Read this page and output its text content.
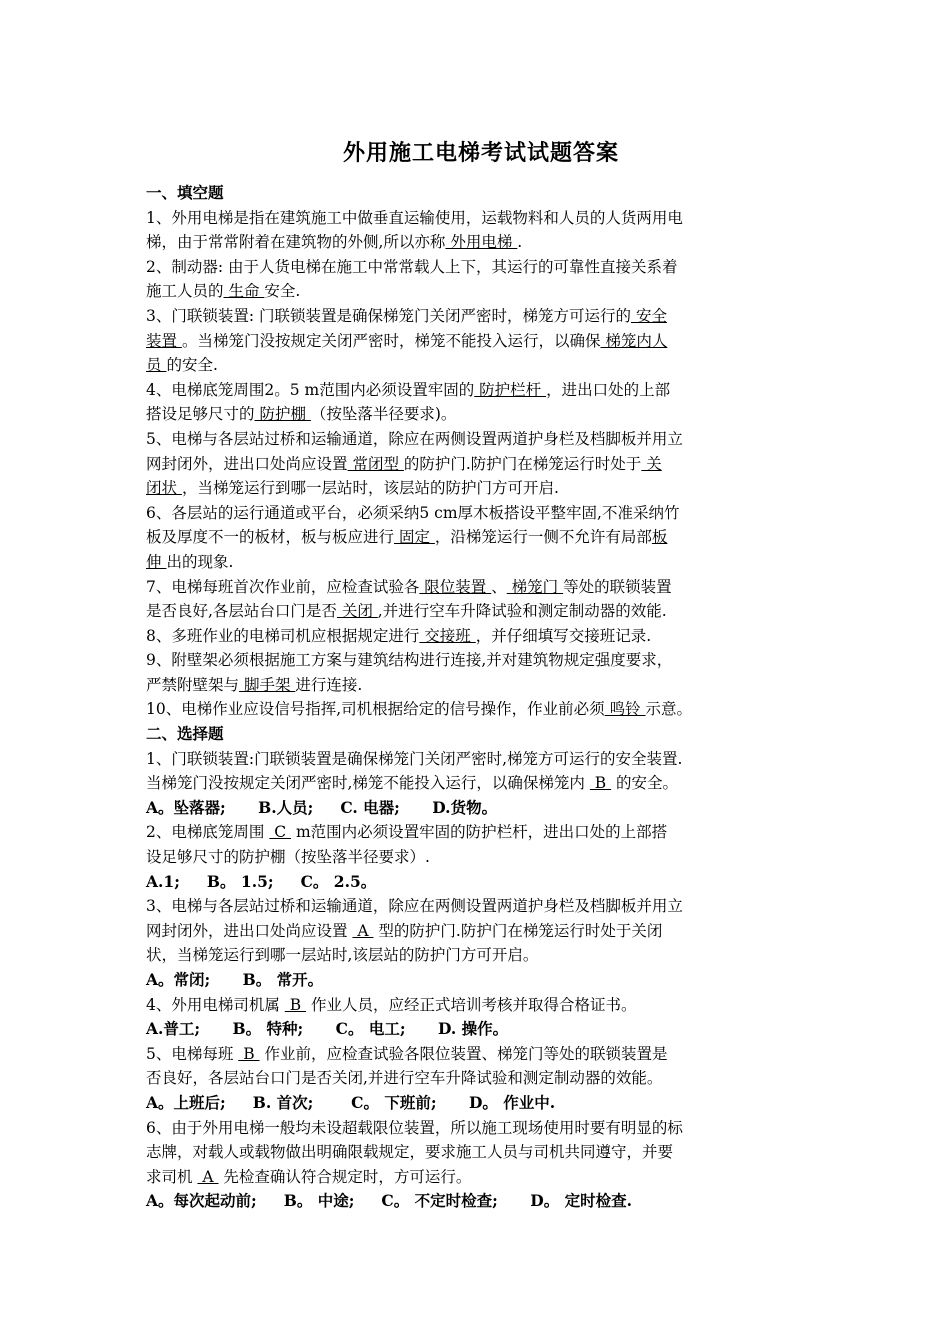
外用施工电梯考试试题答案
一、填空题
1、外用电梯是指在建筑施工中做垂直运输使用，运载物料和人员的人货两用电
梯，由于常常附着在建筑物的外侧,所以亦称 外用电梯 .
2、制动器: 由于人货电梯在施工中常常载人上下，其运行的可靠性直接关系着
施工人员的 生命 安全.
3、门联锁装置: 门联锁装置是确保梯笼门关闭严密时，梯笼方可运行的 安全
装置 。当梯笼门没按规定关闭严密时，梯笼不能投入运行，以确保 梯笼内人
员 的安全.
4、电梯底笼周围2。5 m范围内必须设置牢固的 防护栏杆 ，进出口处的上部
搭设足够尺寸的 防护棚 （按坠落半径要求)。
5、电梯与各层站过桥和运输通道，除应在两侧设置两道护身栏及档脚板并用立
网封闭外，进出口处尚应设置 常闭型 的防护门.防护门在梯笼运行时处于 关
闭状 ，当梯笼运行到哪一层站时，该层站的防护门方可开启.
6、各层站的运行通道或平台，必须采纳5 cm厚木板搭设平整牢固,不准采纳竹
板及厚度不一的板材，板与板应进行 固定 ，沿梯笼运行一侧不允许有局部板
伸 出的现象.
7、电梯每班首次作业前，应检查试验各 限位装置 、 梯笼门 等处的联锁装置
是否良好,各层站台口门是否 关闭 ,并进行空车升降试验和测定制动器的效能.
8、多班作业的电梯司机应根据规定进行 交接班 ，并仔细填写交接班记录.
9、附壁架必须根据施工方案与建筑结构进行连接,并对建筑物规定强度要求，
严禁附壁架与 脚手架 进行连接.
10、电梯作业应设信号指挥,司机根据给定的信号操作，作业前必须 鸣铃 示意。
二、选择题
1、门联锁装置:门联锁装置是确保梯笼门关闭严密时,梯笼方可运行的安全装置.
当梯笼门没按规定关闭严密时,梯笼不能投入运行，以确保梯笼内  B  的安全。
A。坠落器;      B.人员;     C. 电器;      D.货物。
2、电梯底笼周围  C  m范围内必须设置牢固的防护栏杆，进出口处的上部搭
设足够尺寸的防护棚（按坠落半径要求）.
A.1;     B。 1.5;     C。 2.5。
3、电梯与各层站过桥和运输通道，除应在两侧设置两道护身栏及档脚板并用立
网封闭外，进出口处尚应设置  A  型的防护门.防护门在梯笼运行时处于关闭
状，当梯笼运行到哪一层站时,该层站的防护门方可开启。
A。常闭;      B。 常开。
4、外用电梯司机属  B  作业人员，应经正式培训考核并取得合格证书。
A.普工;      B。 特种;      C。 电工;      D. 操作。
5、电梯每班  B  作业前，应检查试验各限位装置、梯笼门等处的联锁装置是
否良好，各层站台口门是否关闭,并进行空车升降试验和测定制动器的效能。
A。上班后;     B. 首次;       C。 下班前;      D。 作业中.
6、由于外用电梯一般均未设超载限位装置，所以施工现场使用时要有明显的标
志牌，对载人或载物做出明确限载规定，要求施工人员与司机共同遵守，并要
求司机  A  先检查确认符合规定时，方可运行。
A。每次起动前;     B。 中途;     C。 不定时检查;      D。 定时检查.
